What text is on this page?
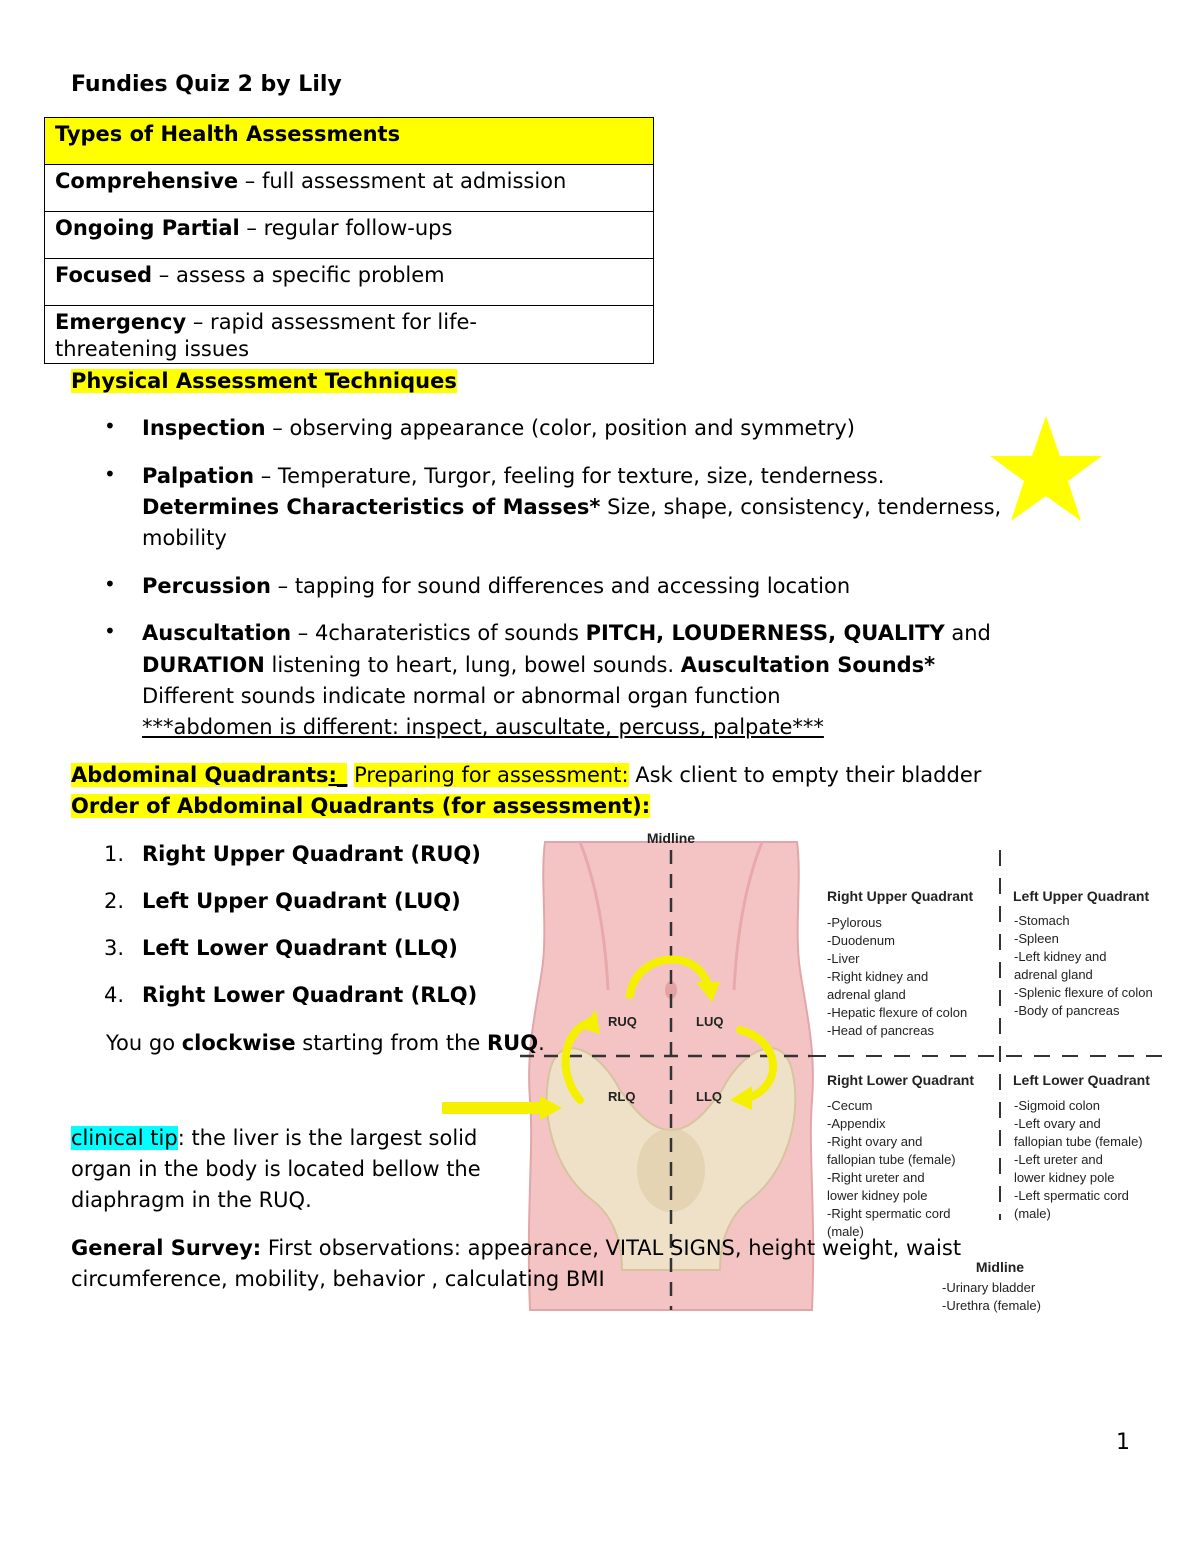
Fundies Quiz 2 by Lily
Types of Health Assessments

Comprehensive – full assessment at admission

Ongoing Partial – regular follow-ups

Focused – assess a specific problem

Emergency – rapid assessment for life-
threatening issues
Physical Assessment Techniques
• Inspection – observing appearance (color, position and symmetry)
• Palpation – Temperature, Turgor, feeling for texture, size, tenderness.
Determines Characteristics of Masses* Size, shape, consistency, tenderness,
mobility
• Percussion – tapping for sound differences and accessing location
• Auscultation – 4charateristics of sounds PITCH, LOUDERNESS, QUALITY and
DURATION listening to heart, lung, bowel sounds. Auscultation Sounds*
Different sounds indicate normal or abnormal organ function
***abdomen is different: inspect, auscultate, percuss, palpate***
Abdominal Quadrants:_ Preparing for assessment: Ask client to empty their bladder
Order of Abdominal Quadrants (for assessment):
1. Right Upper Quadrant (RUQ)
2. Left Upper Quadrant (LUQ)
3. Left Lower Quadrant (LLQ)
4. Right Lower Quadrant (RLQ)
Midline
RUQ	LUQ
RLQ	LLQ
Right Upper Quadrant	Left Upper Quadrant
-Pylorous
-Duodenum
-Liver
-Right kidney and
adrenal gland
-Hepatic flexure of colon
-Head of pancreas
-Stomach
-Spleen
-Left kidney and
adrenal gland
-Splenic flexure of colon
-Body of pancreas
Right Lower Quadrant	Left Lower Quadrant
-Cecum
-Appendix
-Right ovary and
fallopian tube (female)
-Right ureter and
lower kidney pole
-Right spermatic cord
(male)
-Sigmoid colon
-Left ovary and
fallopian tube (female)
-Left ureter and
lower kidney pole
-Left spermatic cord
(male)
Midline
-Urinary bladder
-Urethra (female)
You go clockwise starting from the RUQ.
clinical tip: the liver is the largest solid
organ in the body is located bellow the
diaphragm in the RUQ.
General Survey: First observations: appearance, VITAL SIGNS, height weight, waist
circumference, mobility, behavior , calculating BMI
1
